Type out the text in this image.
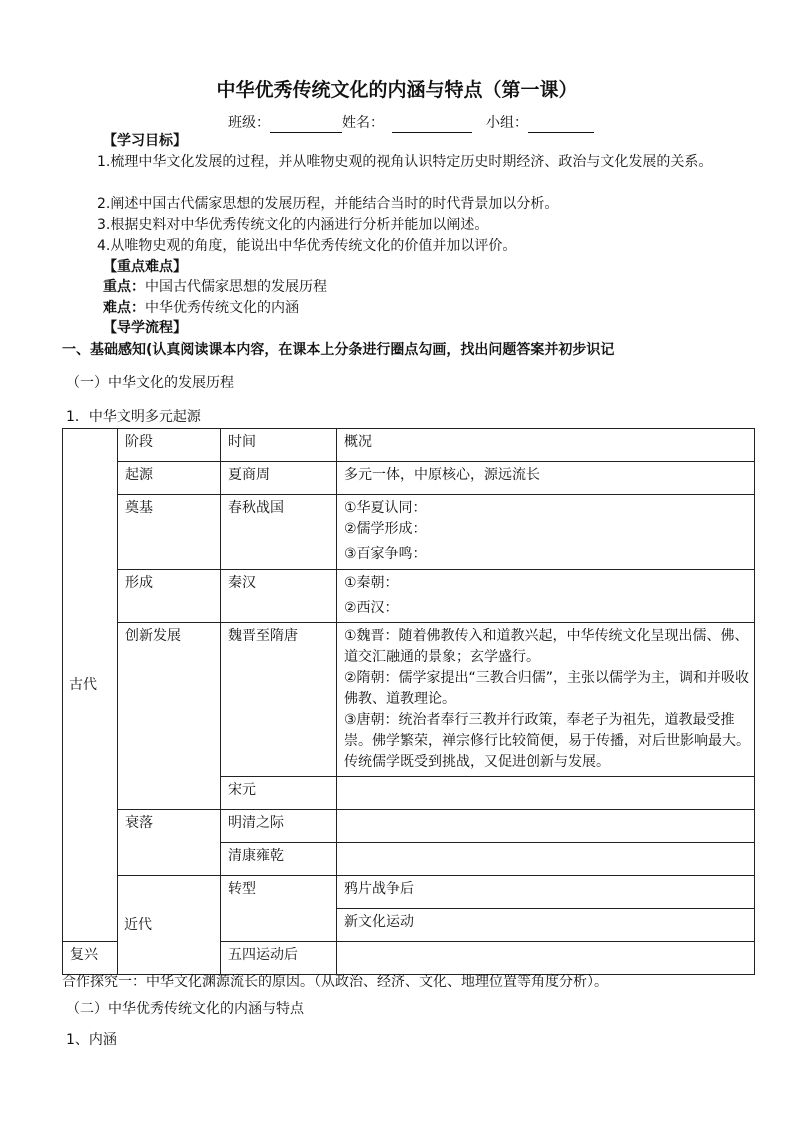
中华优秀传统文化的内涵与特点（第一课）
班级：	姓名：	小组：
【学习目标】
1.梳理中华文化发展的过程，并从唯物史观的视角认识特定历史时期经济、政治与文化发展的关系。
2.阐述中国古代儒家思想的发展历程，并能结合当时的时代背景加以分析。
3.根据史料对中华优秀传统文化的内涵进行分析并能加以阐述。
4.从唯物史观的角度，能说出中华优秀传统文化的价值并加以评价。
【重点难点】
重点：中国古代儒家思想的发展历程
难点：中华优秀传统文化的内涵
【导学流程】
一、基础感知(认真阅读课本内容，在课本上分条进行圈点勾画，找出问题答案并初步识记
（一）中华文化的发展历程
1．中华文明多元起源
古代	阶段	时间	概况	
	起源	夏商周	多元一体，中原核心，源远流长	
	奠基	春秋战国	①华夏认同：
②儒学形成：
③百家争鸣：	

	形成	秦汉	①秦朝：
②西汉：	

	创新发展	魏晋至隋唐	①魏晋：随着佛教传入和道教兴起，中华传统文化呈现出儒、佛、道交汇融通的景象；玄学盛行。
②隋朝：儒学家提出“三教合归儒”，主张以儒学为主，调和并吸收佛教、道教理论。
③唐朝：统治者奉行三教并行政策，奉老子为祖先，道教最受推崇。佛学繁荣，禅宗修行比较简便，易于传播，对后世影响最大。传统儒学既受到挑战，又促进创新与发展。	

		宋元		
	衰落	明清之际		
		清康雍乾		
	近代	转型	鸦片战争后	
			新文化运动	
复兴		五四运动后		
合作探究一：中华文化渊源流长的原因。（从政治、经济、文化、地理位置等角度分析）。
（二）中华优秀传统文化的内涵与特点
1、内涵
